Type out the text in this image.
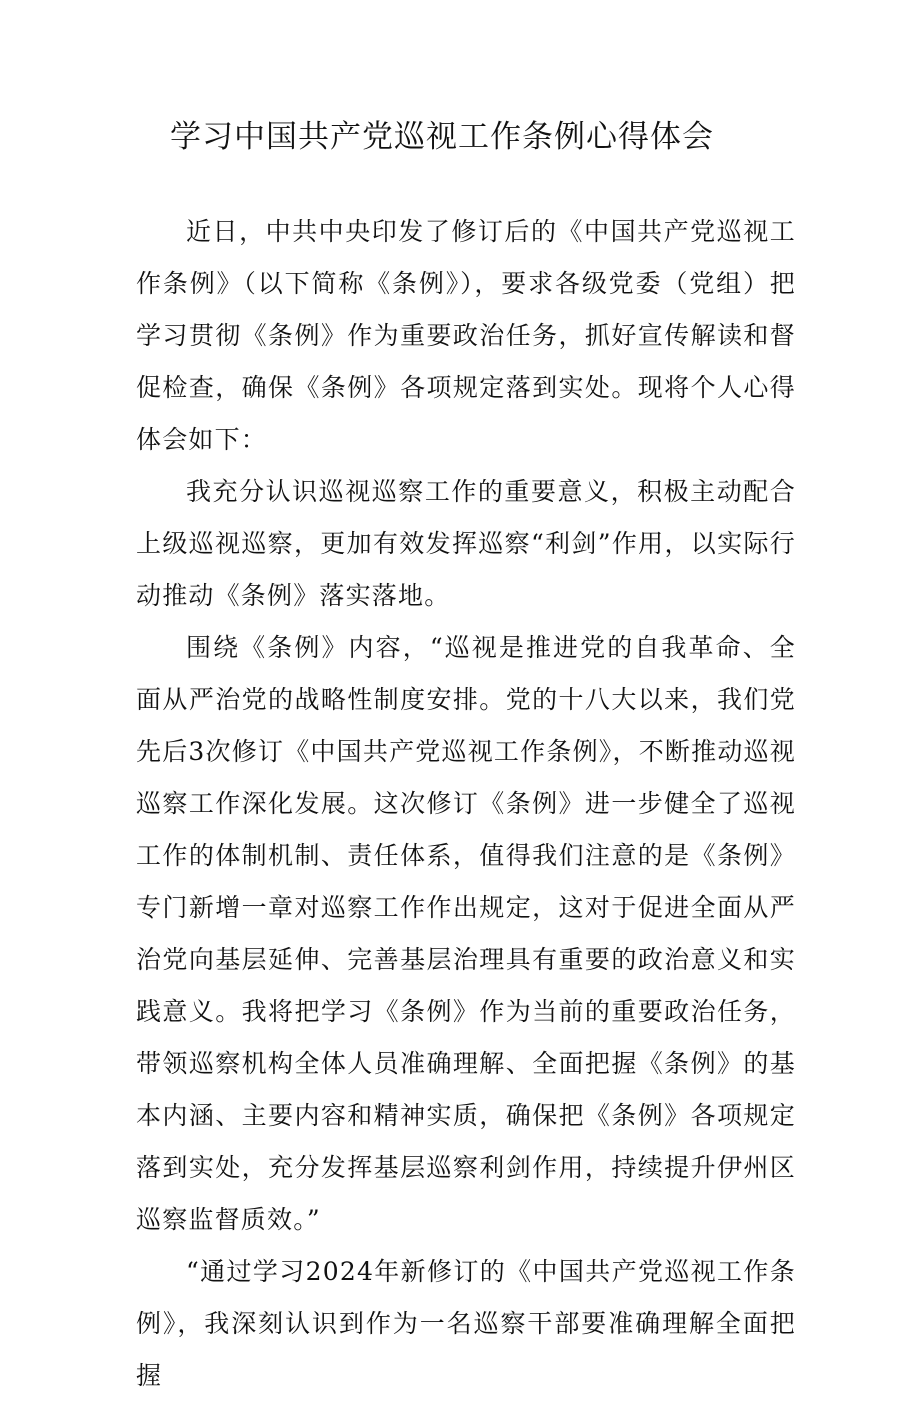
学习中国共产党巡视工作条例心得体会

近日，中共中央印发了修订后的《中国共产党巡视工作条例》（以下简称《条例》），要求各级党委（党组）把学习贯彻《条例》作为重要政治任务，抓好宣传解读和督促检查，确保《条例》各项规定落到实处。现将个人心得体会如下：

我充分认识巡视巡察工作的重要意义，积极主动配合上级巡视巡察，更加有效发挥巡察“利剑”作用，以实际行动推动《条例》落实落地。

围绕《条例》内容，“巡视是推进党的自我革命、全面从严治党的战略性制度安排。党的十八大以来，我们党先后3次修订《中国共产党巡视工作条例》，不断推动巡视巡察工作深化发展。这次修订《条例》进一步健全了巡视工作的体制机制、责任体系，值得我们注意的是《条例》专门新增一章对巡察工作作出规定，这对于促进全面从严治党向基层延伸、完善基层治理具有重要的政治意义和实践意义。我将把学习《条例》作为当前的重要政治任务，带领巡察机构全体人员准确理解、全面把握《条例》的基本内涵、主要内容和精神实质，确保把《条例》各项规定落到实处，充分发挥基层巡察利剑作用，持续提升伊州区巡察监督质效。”

“通过学习2024年新修订的《中国共产党巡视工作条例》，我深刻认识到作为一名巡察干部要准确理解全面把握
